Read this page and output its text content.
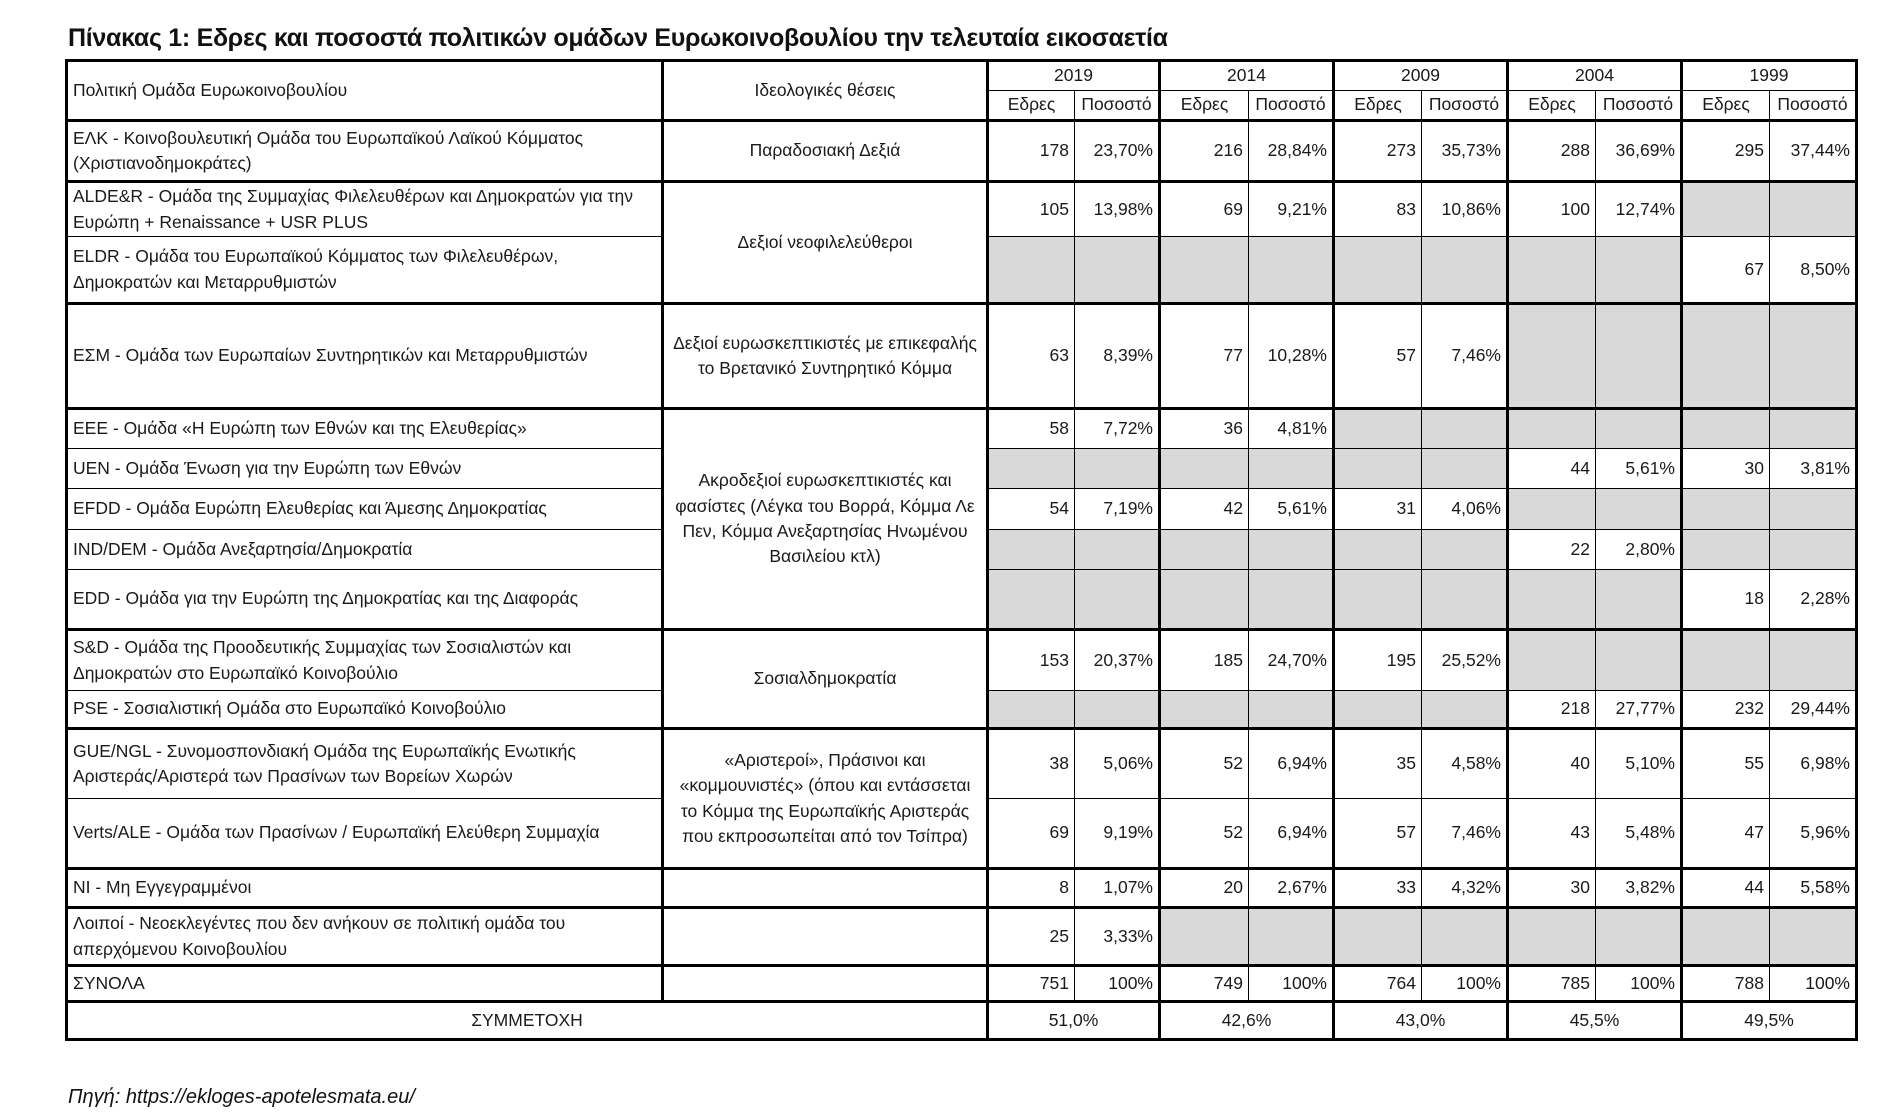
Πίνακας 1: Εδρες και ποσοστά πολιτικών ομάδων Ευρωκοινοβουλίου την τελευταία εικοσαετία
Πολιτική Ομάδα Ευρωκοινοβουλίου	Ιδεολογικές θέσεις	2019		2014		2009		2004		1999	
		Εδρες	Ποσοστό	Εδρες	Ποσοστό	Εδρες	Ποσοστό	Εδρες	Ποσοστό	Εδρες	Ποσοστό
ΕΛΚ - Κοινοβουλευτική Ομάδα του Ευρωπαϊκού Λαϊκού Κόμματος (Χριστιανοδημοκράτες)	Παραδοσιακή Δεξιά	178	23,70%	216	28,84%	273	35,73%	288	36,69%	295	37,44%
ALDE&R - Ομάδα της Συμμαχίας Φιλελευθέρων και Δημοκρατών για την Ευρώπη + Renaissance + USR PLUS	Δεξιοί νεοφιλελεύθεροι	105	13,98%	69	9,21%	83	10,86%	100	12,74%		
ELDR - Ομάδα του Ευρωπαϊκού Κόμματος των Φιλελευθέρων, Δημοκρατών και Μεταρρυθμιστών										67	8,50%
ΕΣΜ - Ομάδα των Ευρωπαίων Συντηρητικών και Μεταρρυθμιστών	Δεξιοί ευρωσκεπτικιστές με επικεφαλής το Βρετανικό Συντηρητικό Κόμμα	63	8,39%	77	10,28%	57	7,46%				
ΕΕΕ - Ομάδα «Η Ευρώπη των Εθνών και της Ελευθερίας»	Ακροδεξιοί ευρωσκεπτικιστές και φασίστες (Λέγκα του Βορρά, Κόμμα Λε Πεν, Κόμμα Ανεξαρτησίας Ηνωμένου Βασιλείου κτλ)	58	7,72%	36	4,81%						
UEN - Ομάδα Ένωση για την Ευρώπη των Εθνών								44	5,61%	30	3,81%
EFDD - Ομάδα Ευρώπη Ελευθερίας και Άμεσης Δημοκρατίας		54	7,19%	42	5,61%	31	4,06%				
IND/DEM - Ομάδα Ανεξαρτησία/Δημοκρατία								22	2,80%		
EDD - Ομάδα για την Ευρώπη της Δημοκρατίας και της Διαφοράς										18	2,28%
S&D - Ομάδα της Προοδευτικής Συμμαχίας των Σοσιαλιστών και Δημοκρατών στο Ευρωπαϊκό Κοινοβούλιο	Σοσιαλδημοκρατία	153	20,37%	185	24,70%	195	25,52%				
PSE - Σοσιαλιστική Ομάδα στο Ευρωπαϊκό Κοινοβούλιο								218	27,77%	232	29,44%
GUE/NGL - Συνομοσπονδιακή Ομάδα της Ευρωπαϊκής Ενωτικής Αριστεράς/Αριστερά των Πρασίνων των Βορείων Χωρών	«Αριστεροί», Πράσινοι και «κομμουνιστές» (όπου και εντάσσεται το Κόμμα της Ευρωπαϊκής Αριστεράς που εκπροσωπείται από τον Τσίπρα)	38	5,06%	52	6,94%	35	4,58%	40	5,10%	55	6,98%
Verts/ALE - Ομάδα των Πρασίνων / Ευρωπαϊκή Ελεύθερη Συμμαχία		69	9,19%	52	6,94%	57	7,46%	43	5,48%	47	5,96%
NI - Μη Εγγεγραμμένοι		8	1,07%	20	2,67%	33	4,32%	30	3,82%	44	5,58%
Λοιποί - Νεοεκλεγέντες που δεν ανήκουν σε πολιτική ομάδα του απερχόμενου Κοινοβουλίου		25	3,33%								
ΣΥΝΟΛΑ		751	100%	749	100%	764	100%	785	100%	788	100%
ΣΥΜΜΕΤΟΧΗ		51,0%		42,6%		43,0%		45,5%		49,5%	
Πηγή: https://ekloges-apotelesmata.eu/
